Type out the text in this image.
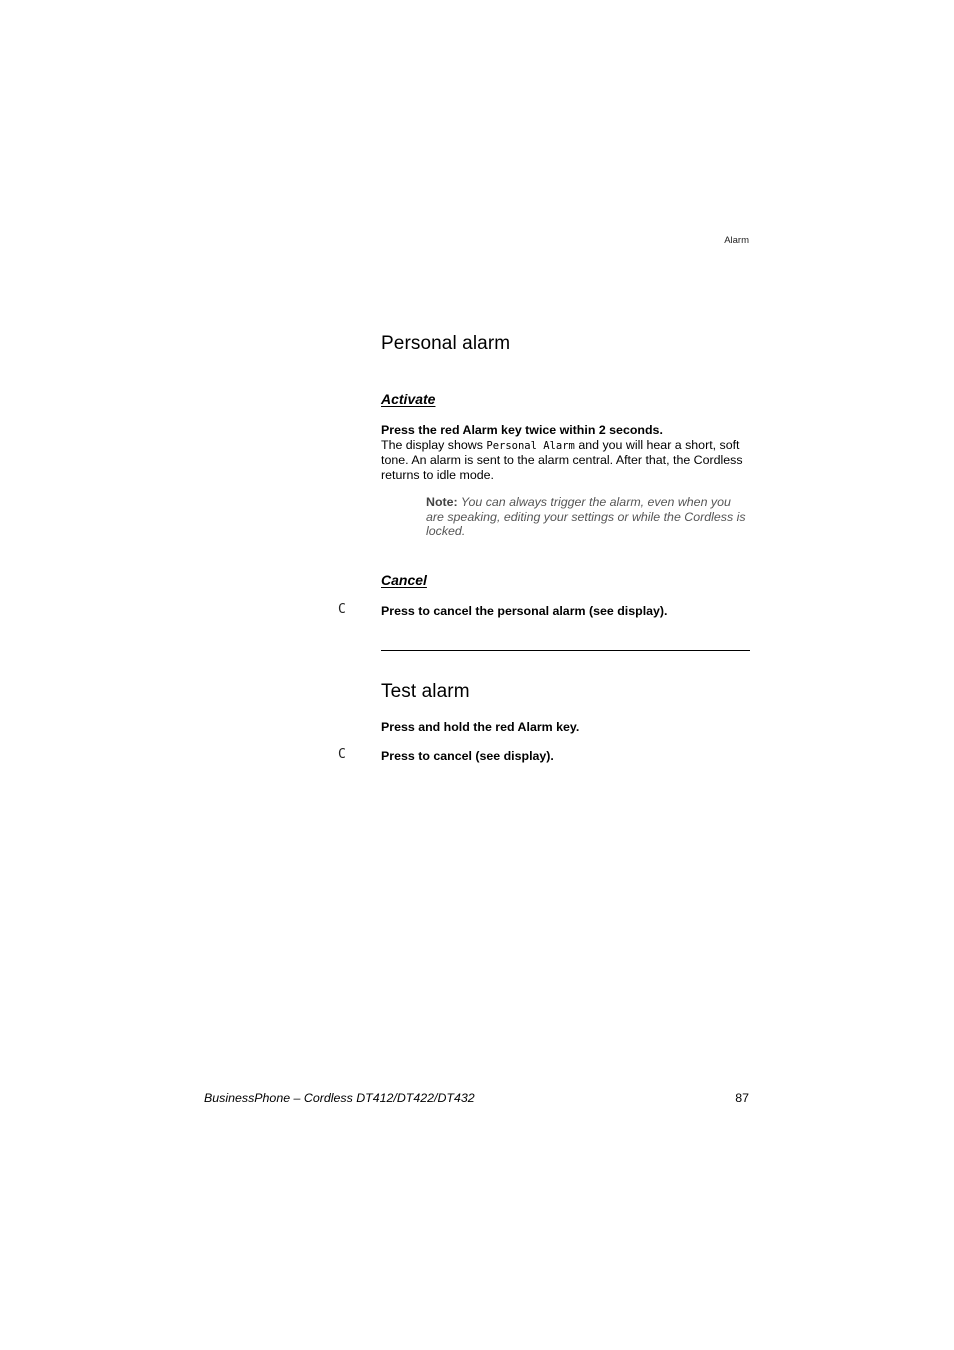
Alarm
Personal alarm
Activate
Press the red Alarm key twice within 2 seconds.
The display shows Personal Alarm and you will hear a short, soft tone. An alarm is sent to the alarm central. After that, the Cordless returns to idle mode.
Note: You can always trigger the alarm, even when you are speaking, editing your settings or while the Cordless is locked.
Cancel
C	Press to cancel the personal alarm (see display).
Test alarm
Press and hold the red Alarm key.
C	Press to cancel (see display).
BusinessPhone – Cordless DT412/DT422/DT432	87
